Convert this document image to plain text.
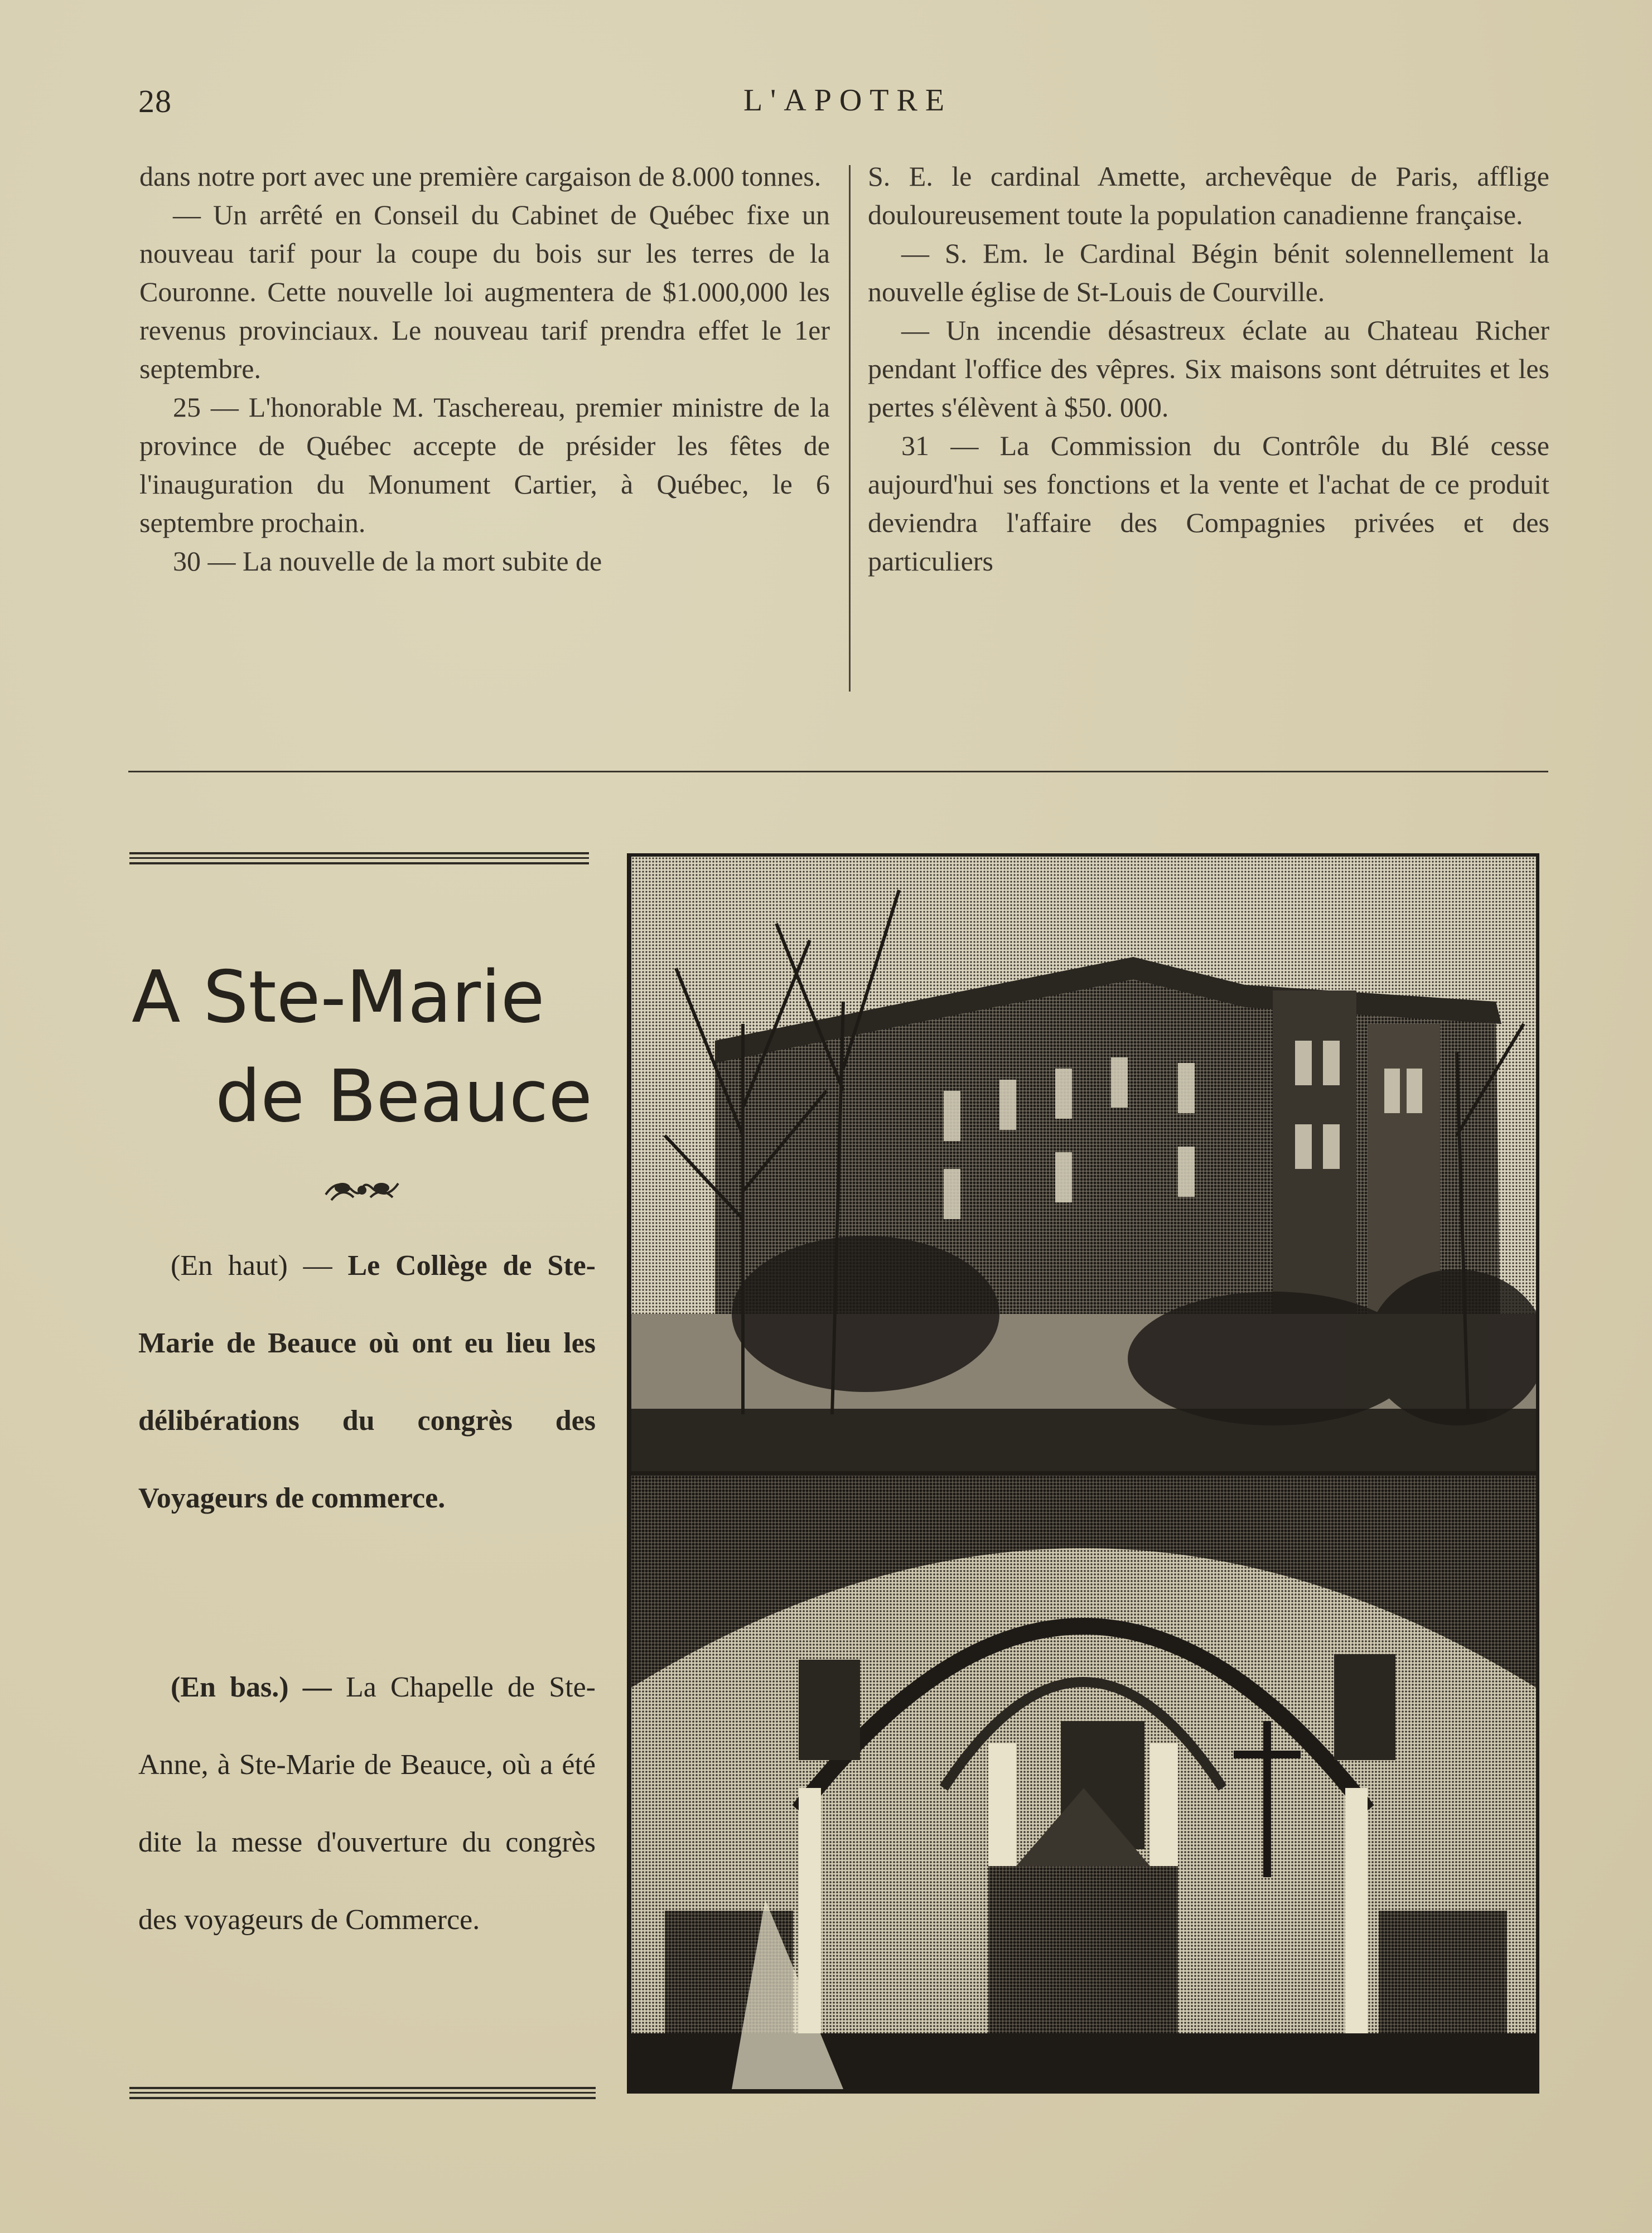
28	L'APOTRE

dans notre port avec une première cargaison de 8.000 tonnes.

— Un arrêté en Conseil du Cabinet de Québec fixe un nouveau tarif pour la coupe du bois sur les terres de la Couronne. Cette nouvelle loi augmentera de $1.000,000 les revenus provinciaux. Le nouveau tarif prendra effet le 1er septembre.

25 — L'honorable M. Taschereau, premier ministre de la province de Québec accepte de présider les fêtes de l'inauguration du Monument Cartier, à Québec, le 6 septembre prochain.

30 — La nouvelle de la mort subite de

S. E. le cardinal Amette, archevêque de Paris, afflige douloureusement toute la population canadienne française.

— S. Em. le Cardinal Bégin bénit solennellement la nouvelle église de St-Louis de Courville.

— Un incendie désastreux éclate au Chateau Richer pendant l'office des vêpres. Six maisons sont détruites et les pertes s'élèvent à $50. 000.

31 — La Commission du Contrôle du Blé cesse aujourd'hui ses fonctions et la vente et l'achat de ce produit deviendra l'affaire des Compagnies privées et des particuliers

A Ste-Marie
de Beauce

(En haut) — Le Collège de Ste-Marie de Beauce où ont eu lieu les délibérations du congrès des Voyageurs de commerce.

(En bas.) — La Chapelle de Ste-Anne, à Ste-Marie de Beauce, où a été dite la messe d'ouverture du congrès des voyageurs de Commerce.
